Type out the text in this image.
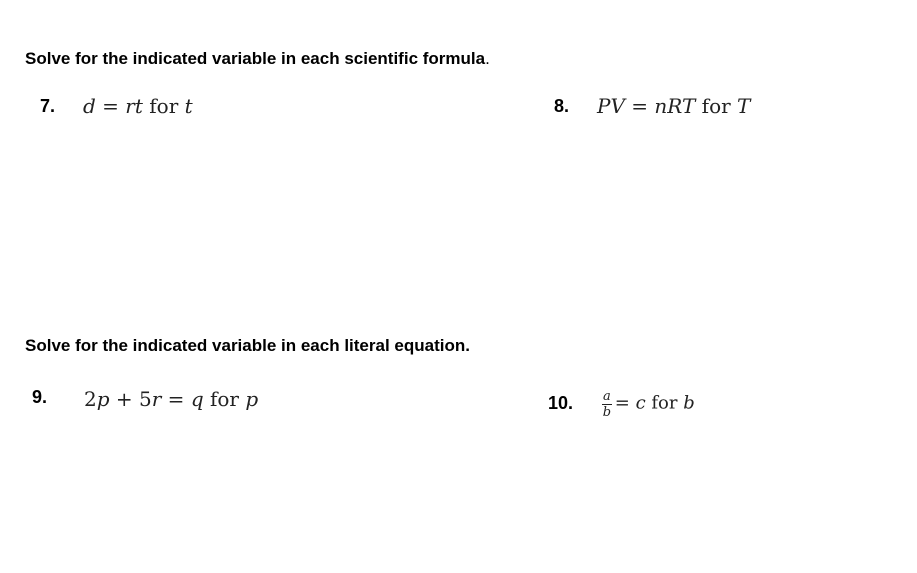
Solve for the indicated variable in each scientific formula.
7. d = rt for t	8. PV = nRT for T
Solve for the indicated variable in each literal equation.
9. 2p + 5r = q for p	10. $\frac{a}{b} = c$ for b
